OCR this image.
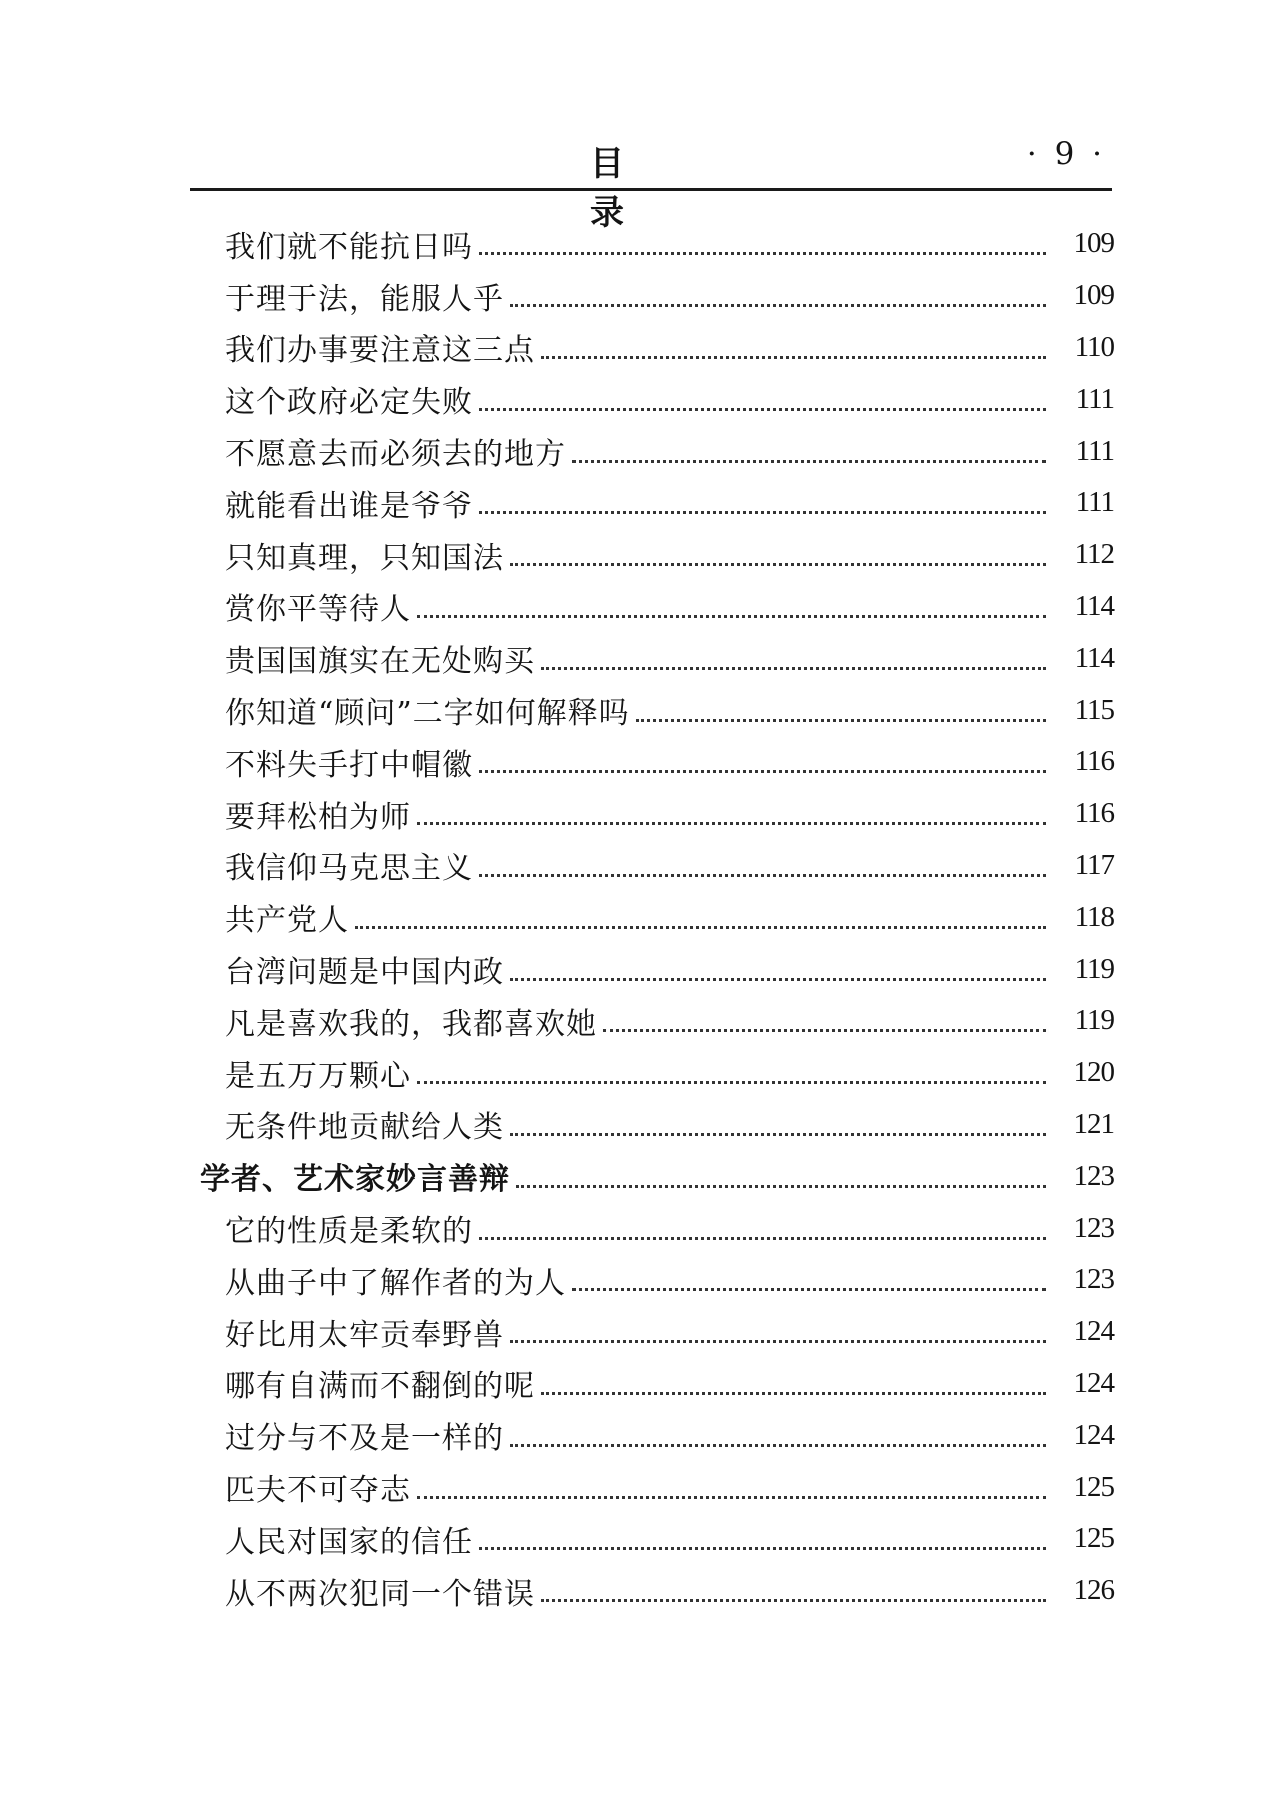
目 录
· 9 ·
我们就不能抗日吗	109
于理于法，能服人乎	109
我们办事要注意这三点	110
这个政府必定失败	111
不愿意去而必须去的地方	111
就能看出谁是爷爷	111
只知真理，只知国法	112
赏你平等待人	114
贵国国旗实在无处购买	114
你知道“顾问”二字如何解释吗	115
不料失手打中帽徽	116
要拜松柏为师	116
我信仰马克思主义	117
共产党人	118
台湾问题是中国内政	119
凡是喜欢我的，我都喜欢她	119
是五万万颗心	120
无条件地贡献给人类	121
学者、艺术家妙言善辩	123
它的性质是柔软的	123
从曲子中了解作者的为人	123
好比用太牢贡奉野兽	124
哪有自满而不翻倒的呢	124
过分与不及是一样的	124
匹夫不可夺志	125
人民对国家的信任	125
从不两次犯同一个错误	126
